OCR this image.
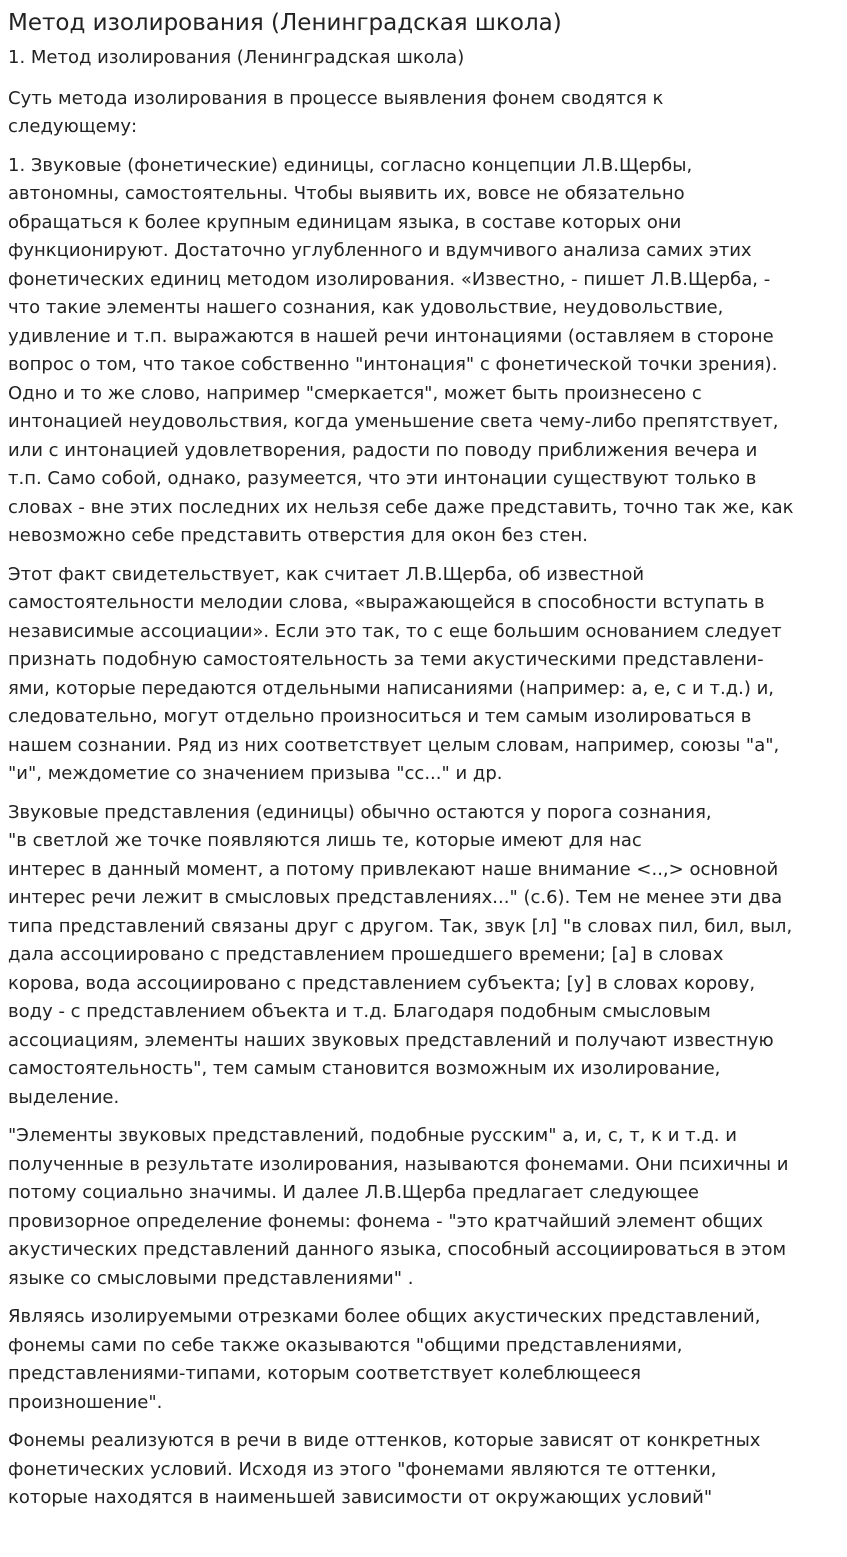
Метод изолирования (Ленинградская школа)
1. Метод изолирования (Ленинградская школа)
Суть метода изолирования в процессе выявления фонем сводятся к
следующему:
1. Звуковые (фонетические) единицы, согласно концепции Л.В.Щербы,
автономны, самостоятельны. Чтобы выявить их, вовсе не обязательно
обращаться к более крупным единицам языка, в составе которых они
функционируют. Достаточно углубленного и вдумчивого анализа самих этих
фонетических единиц методом изолирования. «Известно, - пишет Л.В.Щерба, -
что такие элементы нашего сознания, как удовольствие, неудовольствие,
удивление и т.п. выражаются в нашей речи интонациями (оставляем в стороне
вопрос о том, что такое собственно "интонация" с фонетической точки зрения).
Одно и то же слово, например "смеркается", может быть произнесено с
интонацией неудовольствия, когда уменьшение света чему-либо препятствует,
или с интонацией удовлетворения, радости по поводу приближения вечера и
т.п. Само собой, однако, разумеется, что эти интонации существуют только в
словах - вне этих последних их нельзя себе даже представить, точно так же, как
невозможно себе представить отверстия для окон без стен.
Этот факт свидетельствует, как считает Л.В.Щерба, об известной
самостоятельности мелодии слова, «выражающейся в способности вступать в
независимые ассоциации». Если это так, то с еще большим основанием следует
признать подобную самостоятельность за теми акустическими представлени-
ями, которые передаются отдельными написаниями (например: а, е, с и т.д.) и,
следовательно, могут отдельно произноситься и тем самым изолироваться в
нашем сознании. Ряд из них соответствует целым словам, например, союзы "а",
"и", междометие со значением призыва "сс..." и др.
Звуковые представления (единицы) обычно остаются у порога сознания,
"в светлой же точке появляются лишь те, которые имеют для нас
интерес в данный момент, а потому привлекают наше внимание <..,> основной
интерес речи лежит в смысловых представлениях..." (с.6). Тем не менее эти два
типа представлений связаны друг с другом. Так, звук [л] "в словах пил, бил, выл,
дала ассоциировано с представлением прошедшего времени; [а] в словах
корова, вода ассоциировано с представлением субъекта; [у] в словах корову,
воду - с представлением объекта и т.д. Благодаря подобным смысловым
ассоциациям, элементы наших звуковых представлений и получают известную
самостоятельность", тем самым становится возможным их изолирование,
выделение.
"Элементы звуковых представлений, подобные русским" а, и, с, т, к и т.д. и
полученные в результате изолирования, называются фонемами. Они психичны и
потому социально значимы. И далее Л.В.Щерба предлагает следующее
провизорное определение фонемы: фонема - "это кратчайший элемент общих
акустических представлений данного языка, способный ассоциироваться в этом
языке со смысловыми представлениями" .
Являясь изолируемыми отрезками более общих акустических представлений,
фонемы сами по себе также оказываются "общими представлениями,
представлениями-типами, которым соответствует колеблющееся
произношение".
Фонемы реализуются в речи в виде оттенков, которые зависят от конкретных
фонетических условий. Исходя из этого "фонемами являются те оттенки,
которые находятся в наименьшей зависимости от окружающих условий"
